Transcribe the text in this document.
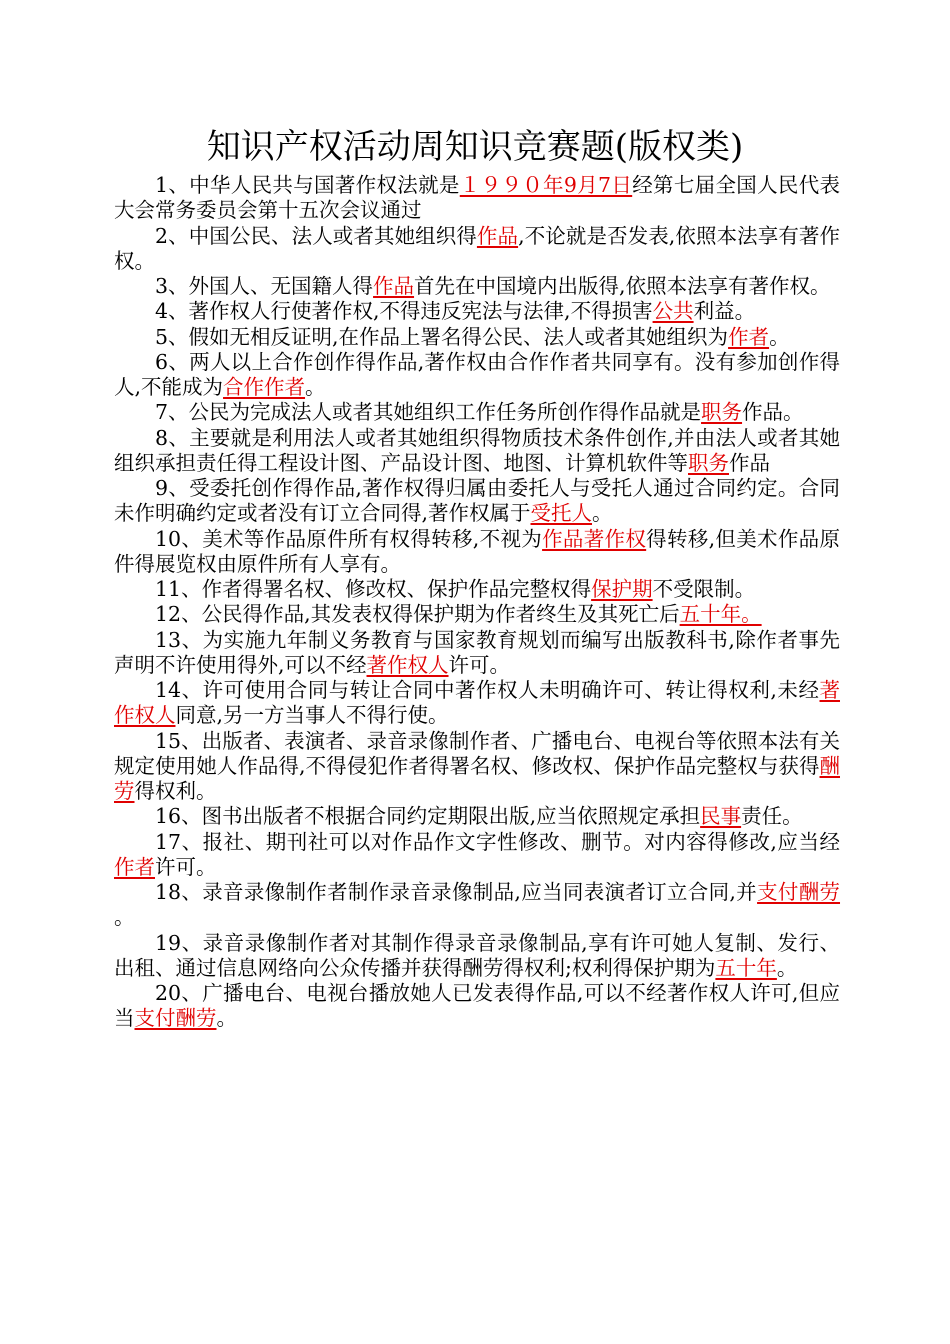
知识产权活动周知识竞赛题(版权类)

1、中华人民共与国著作权法就是１９９０年9月7日经第七届全国人民代表大会常务委员会第十五次会议通过

2、中国公民、法人或者其她组织得作品,不论就是否发表,依照本法享有著作权。

3、外国人、无国籍人得作品首先在中国境内出版得,依照本法享有著作权。

4、著作权人行使著作权,不得违反宪法与法律,不得损害公共利益。

5、假如无相反证明,在作品上署名得公民、法人或者其她组织为作者。

6、两人以上合作创作得作品,著作权由合作作者共同享有。没有参加创作得人,不能成为合作作者。

7、公民为完成法人或者其她组织工作任务所创作得作品就是职务作品。

8、主要就是利用法人或者其她组织得物质技术条件创作,并由法人或者其她组织承担责任得工程设计图、产品设计图、地图、计算机软件等职务作品

9、受委托创作得作品,著作权得归属由委托人与受托人通过合同约定。合同未作明确约定或者没有订立合同得,著作权属于受托人。

10、美术等作品原件所有权得转移,不视为作品著作权得转移,但美术作品原件得展览权由原件所有人享有。

11、作者得署名权、修改权、保护作品完整权得保护期不受限制。

12、公民得作品,其发表权得保护期为作者终生及其死亡后五十年。

13、为实施九年制义务教育与国家教育规划而编写出版教科书,除作者事先声明不许使用得外,可以不经著作权人许可。

14、许可使用合同与转让合同中著作权人未明确许可、转让得权利,未经著作权人同意,另一方当事人不得行使。

15、出版者、表演者、录音录像制作者、广播电台、电视台等依照本法有关规定使用她人作品得,不得侵犯作者得署名权、修改权、保护作品完整权与获得酬劳得权利。

16、图书出版者不根据合同约定期限出版,应当依照规定承担民事责任。

17、报社、期刊社可以对作品作文字性修改、删节。对内容得修改,应当经作者许可。

18、录音录像制作者制作录音录像制品,应当同表演者订立合同,并支付酬劳。

19、录音录像制作者对其制作得录音录像制品,享有许可她人复制、发行、出租、通过信息网络向公众传播并获得酬劳得权利;权利得保护期为五十年。

20、广播电台、电视台播放她人已发表得作品,可以不经著作权人许可,但应当支付酬劳。
